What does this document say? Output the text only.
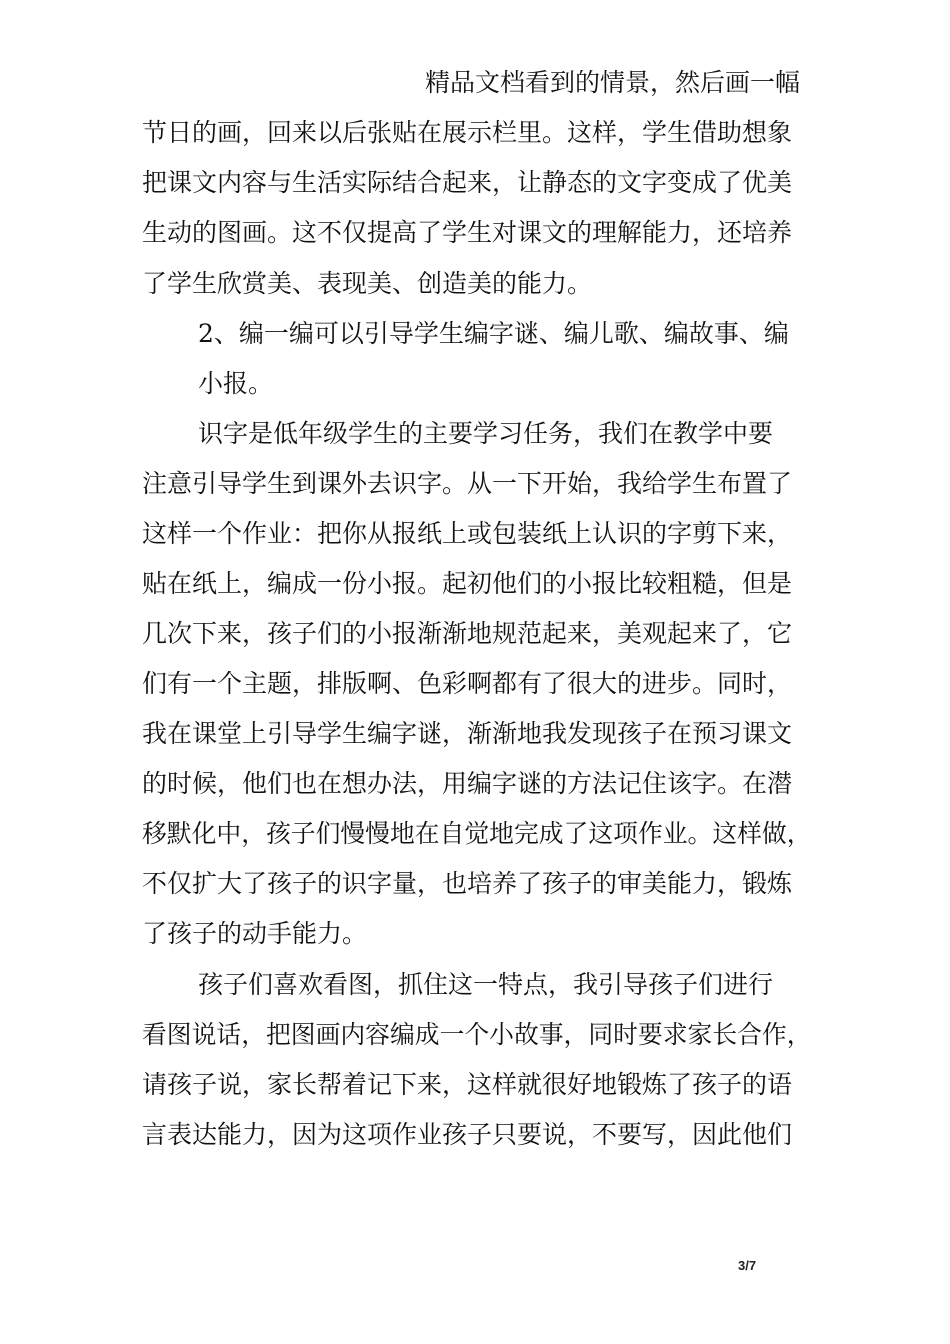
精品文档看到的情景，然后画一幅
节日的画，回来以后张贴在展示栏里。这样，学生借助想象
把课文内容与生活实际结合起来，让静态的文字变成了优美
生动的图画。这不仅提高了学生对课文的理解能力，还培养
了学生欣赏美、表现美、创造美的能力。
2、编一编可以引导学生编字谜、编儿歌、编故事、编
小报。
识字是低年级学生的主要学习任务，我们在教学中要
注意引导学生到课外去识字。从一下开始，我给学生布置了
这样一个作业：把你从报纸上或包装纸上认识的字剪下来，
贴在纸上，编成一份小报。起初他们的小报比较粗糙，但是
几次下来，孩子们的小报渐渐地规范起来，美观起来了，它
们有一个主题，排版啊、色彩啊都有了很大的进步。同时，
我在课堂上引导学生编字谜，渐渐地我发现孩子在预习课文
的时候，他们也在想办法，用编字谜的方法记住该字。在潜
移默化中，孩子们慢慢地在自觉地完成了这项作业。这样做，
不仅扩大了孩子的识字量，也培养了孩子的审美能力，锻炼
了孩子的动手能力。
孩子们喜欢看图，抓住这一特点，我引导孩子们进行
看图说话，把图画内容编成一个小故事，同时要求家长合作，
请孩子说，家长帮着记下来，这样就很好地锻炼了孩子的语
言表达能力，因为这项作业孩子只要说，不要写，因此他们
3/7
